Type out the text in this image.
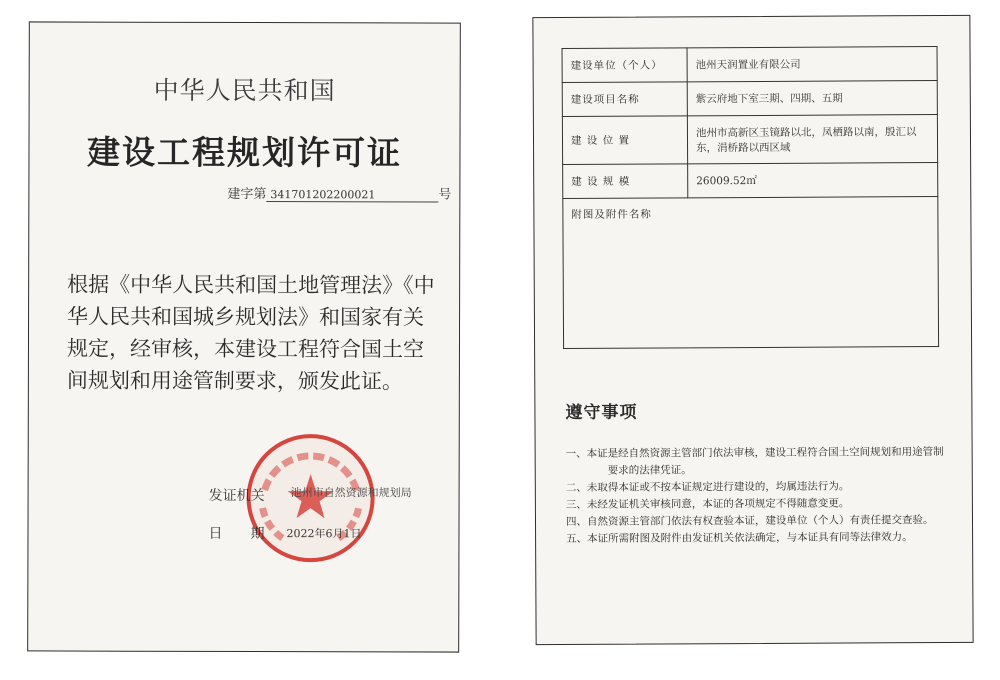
中华人民共和国
建设工程规划许可证
建字第 341701202200021	号
根据《中华人民共和国土地管理法》《中华人民共和国城乡规划法》和国家有关规定，经审核，本建设工程符合国土空间规划和用途管制要求，颁发此证。
发证机关 池州市自然资源和规划局
日　　期 2022年6月1日
建设单位（个人）	池州天润置业有限公司
建设项目名称	紫云府地下室三期、四期、五期
建 设 位 置	池州市高新区玉镜路以北，凤栖路以南，殷汇以东，涓桥路以西区域
建 设 规 模	26009.52㎡
附图及附件名称	
遵守事项

一、本证是经自然资源主管部门依法审核，建设工程符合国土空间规划和用途管制要求的法律凭证。

二、未取得本证或不按本证规定进行建设的，均属违法行为。

三、未经发证机关审核同意，本证的各项规定不得随意变更。

四、自然资源主管部门依法有权查验本证，建设单位（个人）有责任提交查验。

五、本证所需附图及附件由发证机关依法确定，与本证具有同等法律效力。
